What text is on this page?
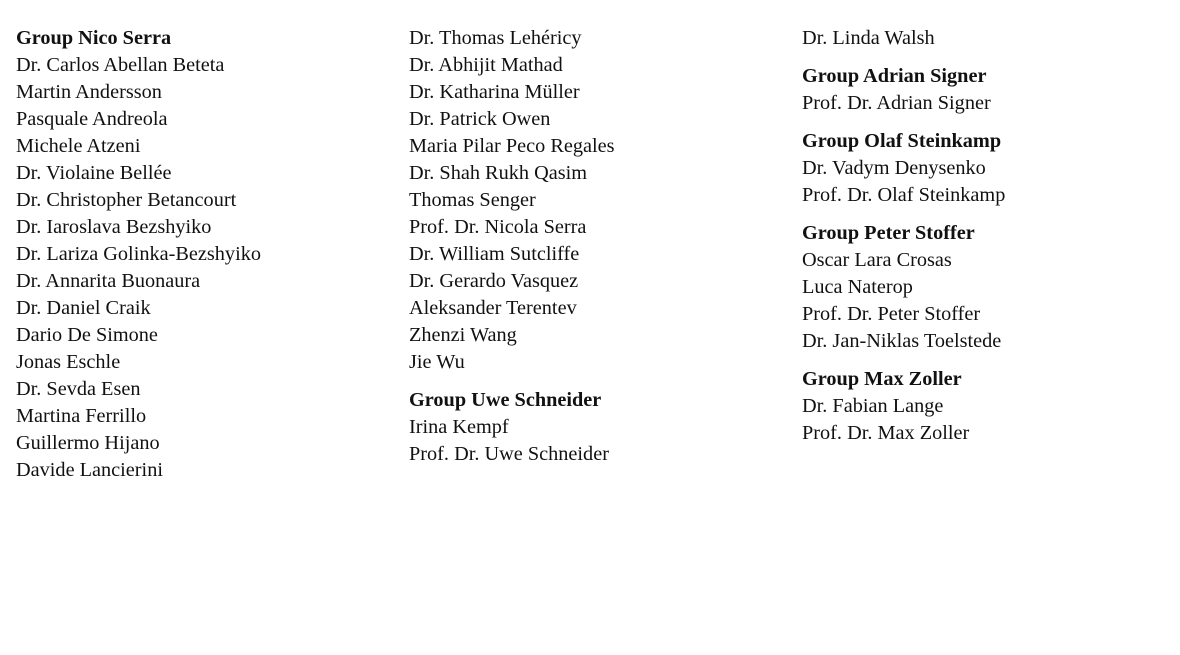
Group Nico Serra
Dr. Carlos Abellan Beteta
Martin Andersson
Pasquale Andreola
Michele Atzeni
Dr. Violaine Bellée
Dr. Christopher Betancourt
Dr. Iaroslava Bezshyiko
Dr. Lariza Golinka-Bezshyiko
Dr. Annarita Buonaura
Dr. Daniel Craik
Dario De Simone
Jonas Eschle
Dr. Sevda Esen
Martina Ferrillo
Guillermo Hijano
Davide Lancierini
Dr. Thomas Lehéricy
Dr. Abhijit Mathad
Dr. Katharina Müller
Dr. Patrick Owen
Maria Pilar Peco Regales
Dr. Shah Rukh Qasim
Thomas Senger
Prof. Dr. Nicola Serra
Dr. William Sutcliffe
Dr. Gerardo Vasquez
Aleksander Terentev
Zhenzi Wang
Jie Wu
Group Uwe Schneider
Irina Kempf
Prof. Dr. Uwe Schneider
Dr. Linda Walsh
Group Adrian Signer
Prof. Dr. Adrian Signer
Group Olaf Steinkamp
Dr. Vadym Denysenko
Prof. Dr. Olaf Steinkamp
Group Peter Stoffer
Oscar Lara Crosas
Luca Naterop
Prof. Dr. Peter Stoffer
Dr. Jan-Niklas Toelstede
Group Max Zoller
Dr. Fabian Lange
Prof. Dr. Max Zoller
